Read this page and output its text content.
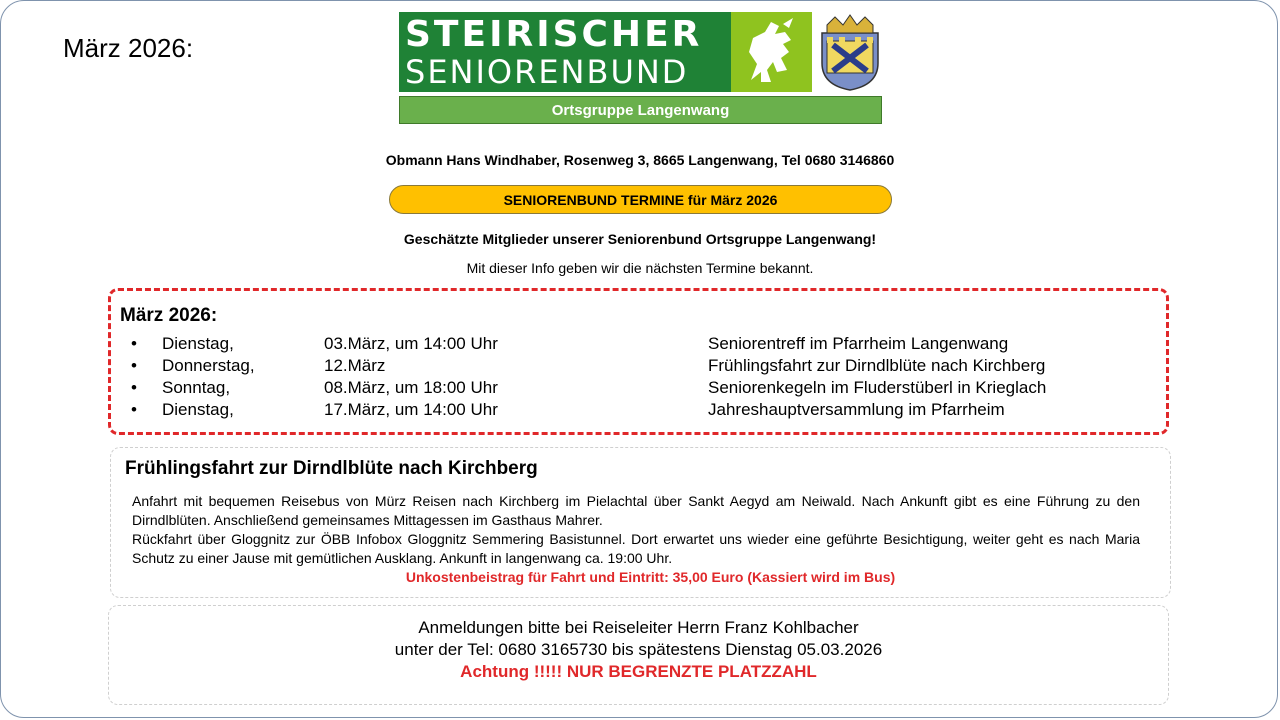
März 2026:	STEIRISCHER
SENIORENBUND
Ortsgruppe Langenwang
Obmann Hans Windhaber, Rosenweg 3, 8665 Langenwang, Tel 0680 3146860
SENIORENBUND TERMINE für März 2026
Geschätzte Mitglieder unserer Seniorenbund Ortsgruppe Langenwang!
Mit dieser Info geben wir die nächsten Termine bekannt.
März 2026:
• Dienstag,	03.März, um 14:00 Uhr	Seniorentreff im Pfarrheim Langenwang
• Donnerstag,	12.März	Frühlingsfahrt zur Dirndlblüte nach Kirchberg
• Sonntag,	08.März, um 18:00 Uhr	Seniorenkegeln im Fluderstüberl in Krieglach
• Dienstag,	17.März, um 14:00 Uhr	Jahreshauptversammlung im Pfarrheim
Frühlingsfahrt zur Dirndlblüte nach Kirchberg

Anfahrt mit bequemen Reisebus von Mürz Reisen nach Kirchberg im Pielachtal über Sankt Aegyd am Neiwald. Nach Ankunft gibt es eine Führung zu den Dirndlblüten. Anschließend gemeinsames Mittagessen im Gasthaus Mahrer.

Rückfahrt über Gloggnitz zur ÖBB Infobox Gloggnitz Semmering Basistunnel. Dort erwartet uns wieder eine geführte Besichtigung, weiter geht es nach Maria Schutz zu einer Jause mit gemütlichen Ausklang. Ankunft in langenwang ca. 19:00 Uhr.

Unkostenbeistrag für Fahrt und Eintritt: 35,00 Euro (Kassiert wird im Bus)
Anmeldungen bitte bei Reiseleiter Herrn Franz Kohlbacher
unter der Tel: 0680 3165730 bis spätestens Dienstag 05.03.2026
Achtung !!!!! NUR BEGRENZTE PLATZZAHL
